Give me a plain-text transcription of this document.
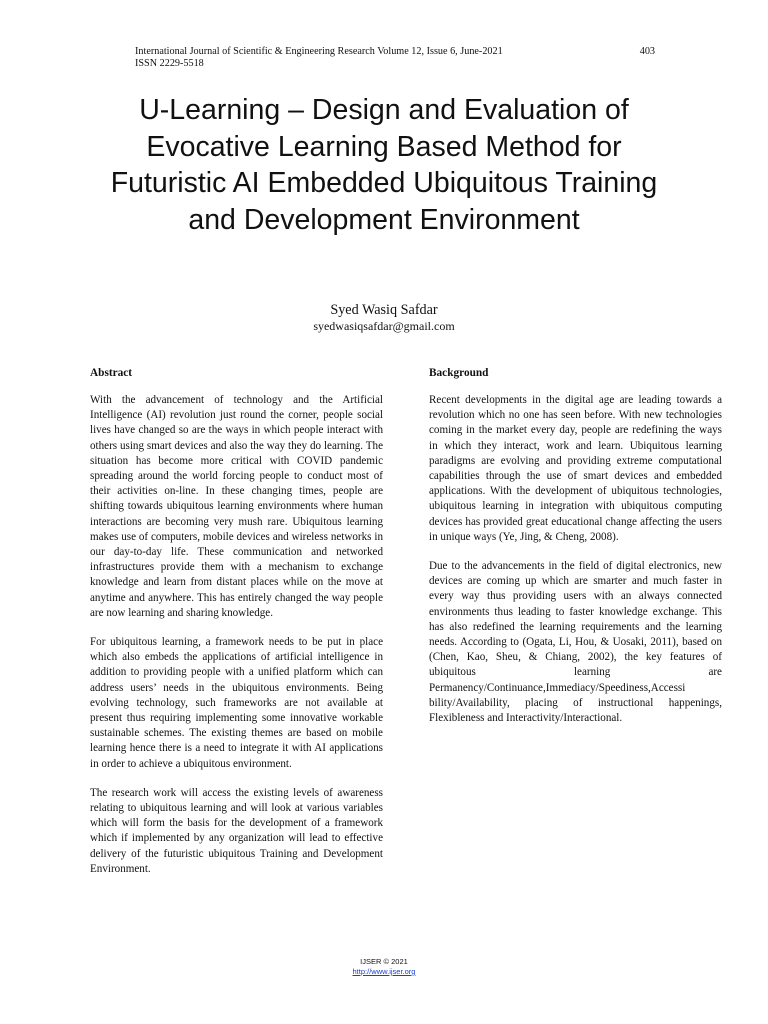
International Journal of Scientific & Engineering Research Volume 12, Issue 6, June-2021
ISSN 2229-5518
403
U-Learning – Design and Evaluation of Evocative Learning Based Method for Futuristic AI Embedded Ubiquitous Training and Development Environment
Syed Wasiq Safdar
syedwasiqsafdar@gmail.com
Abstract

With the advancement of technology and the Artificial Intelligence (AI) revolution just round the corner, people social lives have changed so are the ways in which people interact with others using smart devices and also the way they do learning. The situation has become more critical with COVID pandemic spreading around the world forcing people to conduct most of their activities on-line. In these changing times, people are shifting towards ubiquitous learning environments where human interactions are becoming very mush rare. Ubiquitous learning makes use of computers, mobile devices and wireless networks in our day-to-day life. These communication and networked infrastructures provide them with a mechanism to exchange knowledge and learn from distant places while on the move at anytime and anywhere. This has entirely changed the way people are now learning and sharing knowledge.

For ubiquitous learning, a framework needs to be put in place which also embeds the applications of artificial intelligence in addition to providing people with a unified platform which can address users’ needs in the ubiquitous environments. Being evolving technology, such frameworks are not available at present thus requiring implementing some innovative workable sustainable schemes. The existing themes are based on mobile learning hence there is a need to integrate it with AI applications in order to achieve a ubiquitous environment.

The research work will access the existing levels of awareness relating to ubiquitous learning and will look at various variables which will form the basis for the development of a framework which if implemented by any organization will lead to effective delivery of the futuristic ubiquitous Training and Development Environment.

Background

Recent developments in the digital age are leading towards a revolution which no one has seen before. With new technologies coming in the market every day, people are redefining the ways in which they interact, work and learn. Ubiquitous learning paradigms are evolving and providing extreme computational capabilities through the use of smart devices and embedded applications. With the development of ubiquitous technologies, ubiquitous learning in integration with ubiquitous computing devices has provided great educational change affecting the users in unique ways (Ye, Jing, & Cheng, 2008).

Due to the advancements in the field of digital electronics, new devices are coming up which are smarter and much faster in every way thus providing users with an always connected environments thus leading to faster knowledge exchange. This has also redefined the learning requirements and the learning needs. According to (Ogata, Li, Hou, & Uosaki, 2011), based on (Chen, Kao, Sheu, & Chiang, 2002), the key features of ubiquitous learning are Permanency/Continuance,Immediacy/Speediness,Accessi bility/Availability, placing of instructional happenings, Flexibleness and Interactivity/Interactional.

IJSER © 2021
http://www.ijser.org
